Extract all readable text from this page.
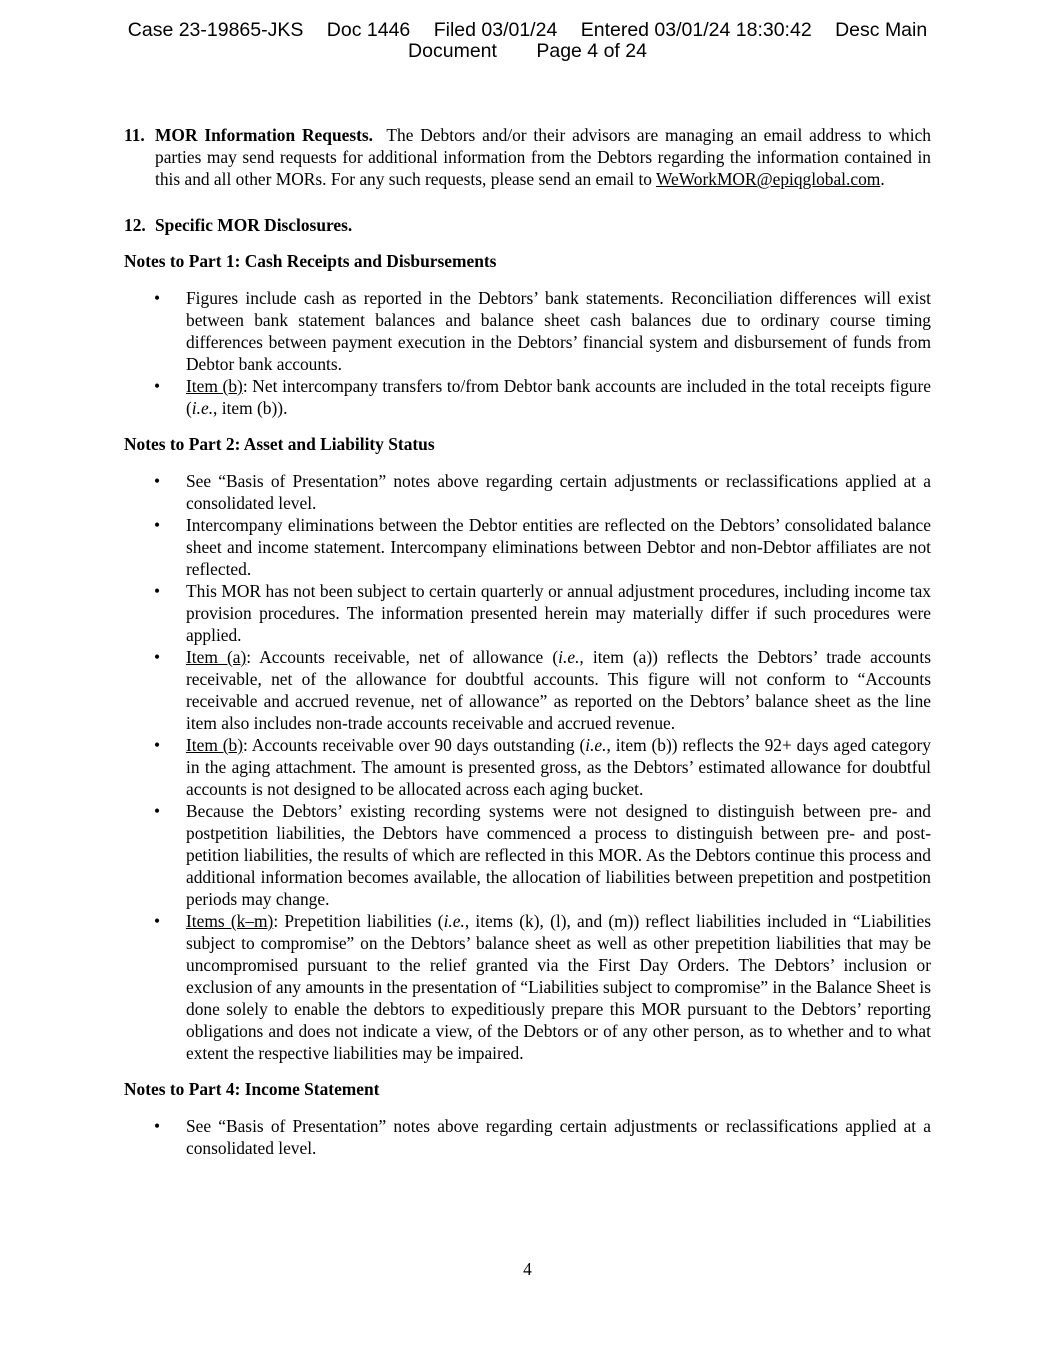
Case 23-19865-JKS Doc 1446 Filed 03/01/24 Entered 03/01/24 18:30:42 Desc Main
Document Page 4 of 24
11. MOR Information Requests. The Debtors and/or their advisors are managing an email address to which parties may send requests for additional information from the Debtors regarding the information contained in this and all other MORs. For any such requests, please send an email to WeWorkMOR@epiqglobal.com.
12. Specific MOR Disclosures.

Notes to Part 1: Cash Receipts and Disbursements

• Figures include cash as reported in the Debtors’ bank statements. Reconciliation differences will exist between bank statement balances and balance sheet cash balances due to ordinary course timing differences between payment execution in the Debtors’ financial system and disbursement of funds from Debtor bank accounts.
• Item (b): Net intercompany transfers to/from Debtor bank accounts are included in the total receipts figure (i.e., item (b)).

Notes to Part 2: Asset and Liability Status

• See “Basis of Presentation” notes above regarding certain adjustments or reclassifications applied at a consolidated level.
• Intercompany eliminations between the Debtor entities are reflected on the Debtors’ consolidated balance sheet and income statement. Intercompany eliminations between Debtor and non-Debtor affiliates are not reflected.
• This MOR has not been subject to certain quarterly or annual adjustment procedures, including income tax provision procedures. The information presented herein may materially differ if such procedures were applied.
• Item (a): Accounts receivable, net of allowance (i.e., item (a)) reflects the Debtors’ trade accounts receivable, net of the allowance for doubtful accounts. This figure will not conform to “Accounts receivable and accrued revenue, net of allowance” as reported on the Debtors’ balance sheet as the line item also includes non-trade accounts receivable and accrued revenue.
• Item (b): Accounts receivable over 90 days outstanding (i.e., item (b)) reflects the 92+ days aged category in the aging attachment. The amount is presented gross, as the Debtors’ estimated allowance for doubtful accounts is not designed to be allocated across each aging bucket.
• Because the Debtors’ existing recording systems were not designed to distinguish between pre- and postpetition liabilities, the Debtors have commenced a process to distinguish between pre- and post-petition liabilities, the results of which are reflected in this MOR. As the Debtors continue this process and additional information becomes available, the allocation of liabilities between prepetition and postpetition periods may change.
• Items (k–m): Prepetition liabilities (i.e., items (k), (l), and (m)) reflect liabilities included in “Liabilities subject to compromise” on the Debtors’ balance sheet as well as other prepetition liabilities that may be uncompromised pursuant to the relief granted via the First Day Orders. The Debtors’ inclusion or exclusion of any amounts in the presentation of “Liabilities subject to compromise” in the Balance Sheet is done solely to enable the debtors to expeditiously prepare this MOR pursuant to the Debtors’ reporting obligations and does not indicate a view, of the Debtors or of any other person, as to whether and to what extent the respective liabilities may be impaired.

Notes to Part 4: Income Statement

• See “Basis of Presentation” notes above regarding certain adjustments or reclassifications applied at a consolidated level.
4
